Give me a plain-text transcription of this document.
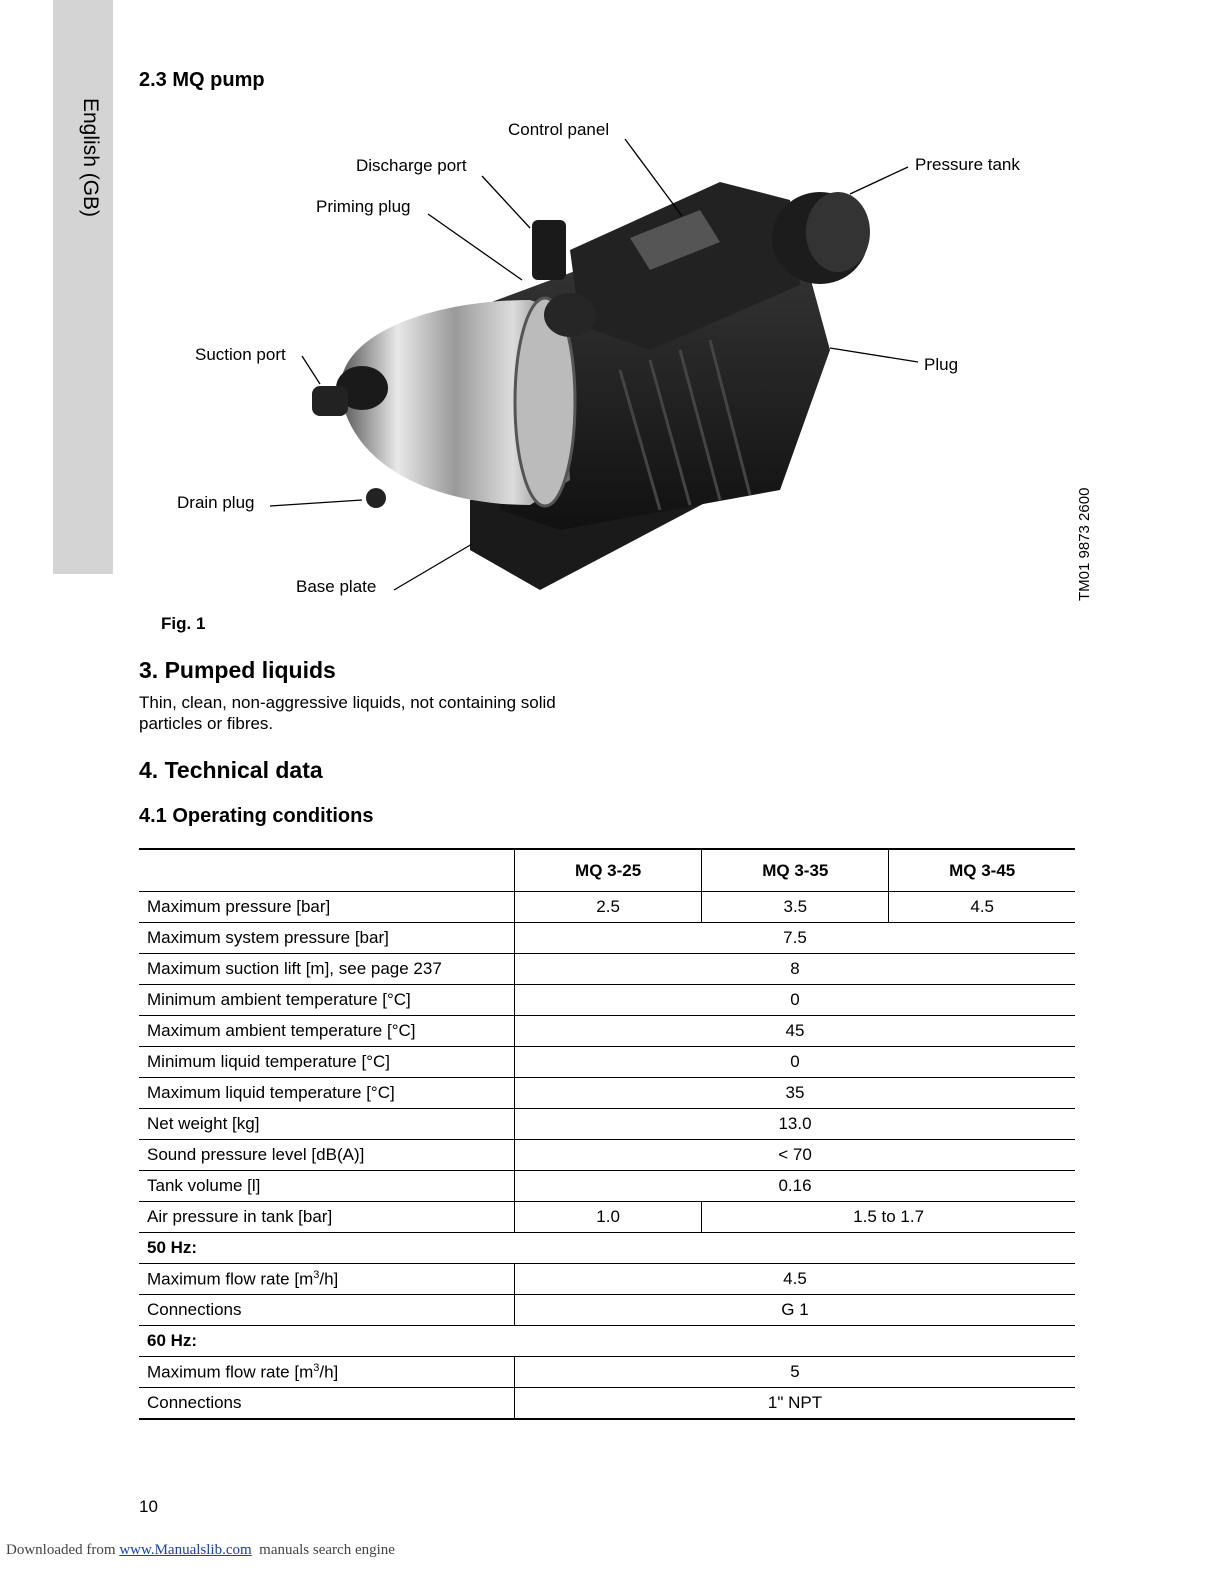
English (GB)
2.3 MQ pump
Control panel
Discharge port
Priming plug
Pressure tank
Suction port
Plug
Drain plug
Base plate	TM01 9873 2600
Fig. 1
3. Pumped liquids
Thin, clean, non-aggressive liquids, not containing solid particles or fibres.
4. Technical data
4.1 Operating conditions
	MQ 3-25	MQ 3-35	MQ 3-45
Maximum pressure [bar]	2.5	3.5	4.5
Maximum system pressure [bar]	7.5		
Maximum suction lift [m], see page 237	8		
Minimum ambient temperature [°C]	0		
Maximum ambient temperature [°C]	45		
Minimum liquid temperature [°C]	0		
Maximum liquid temperature [°C]	35		
Net weight [kg]	13.0		
Sound pressure level [dB(A)]	< 70		
Tank volume [l]	0.16		
Air pressure in tank [bar]	1.0	1.5 to 1.7	
50 Hz:			
Maximum flow rate $[m^3/h]$	4.5		
Connections	G 1		
60 Hz:			
Maximum flow rate $[m^3/h]$	5		
Connections	1" NPT		
10
Downloaded from www.Manualslib.com  manuals search engine
